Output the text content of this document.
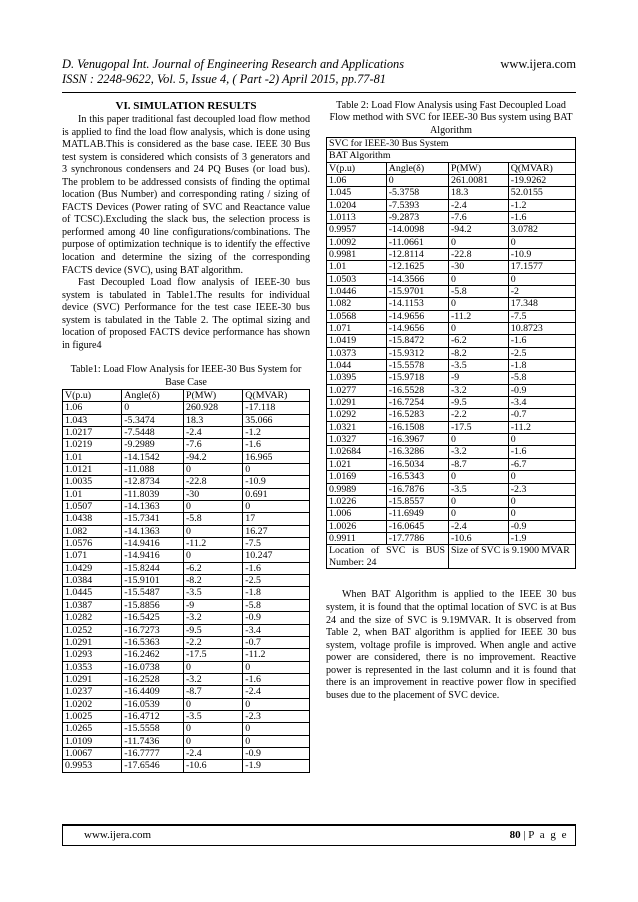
D. Venugopal Int. Journal of Engineering Research and Applications
ISSN : 2248-9622, Vol. 5, Issue 4, ( Part -2) April 2015, pp.77-81
www.ijera.com
VI. SIMULATION RESULTS

In this paper traditional fast decoupled load flow method is applied to find the load flow analysis, which is done using MATLAB.This is considered as the base case. IEEE 30 Bus test system is considered which consists of 3 generators and 3 synchronous condensers and 24 PQ Buses (or load bus). The problem to be addressed consists of finding the optimal location (Bus Number) and corresponding rating / sizing of FACTS Devices (Power rating of SVC and Reactance value of TCSC).Excluding the slack bus, the selection process is performed among 40 line configurations/combinations. The purpose of optimization technique is to identify the effective location and determine the sizing of the corresponding FACTS device (SVC), using BAT algorithm.

Fast Decoupled Load flow analysis of IEEE-30 bus system is tabulated in Table1.The results for individual device (SVC) Performance for the test case IEEE-30 bus system is tabulated in the Table 2. The optimal sizing and location of proposed FACTS device performance has shown in figure4

Table1: Load Flow Analysis for IEEE-30 Bus System for Base Case
V(p.u)	Angle(δ)	P(MW)	Q(MVAR)
1.06	0	260.928	-17.118
1.043	-5.3474	18.3	35.066
1.0217	-7.5448	-2.4	-1.2
1.0219	-9.2989	-7.6	-1.6
1.01	-14.1542	-94.2	16.965
1.0121	-11.088	0	0
1.0035	-12.8734	-22.8	-10.9
1.01	-11.8039	-30	0.691
1.0507	-14.1363	0	0
1.0438	-15.7341	-5.8	17
1.082	-14.1363	0	16.27
1.0576	-14.9416	-11.2	-7.5
1.071	-14.9416	0	10.247
1.0429	-15.8244	-6.2	-1.6
1.0384	-15.9101	-8.2	-2.5
1.0445	-15.5487	-3.5	-1.8
1.0387	-15.8856	-9	-5.8
1.0282	-16.5425	-3.2	-0.9
1.0252	-16.7273	-9.5	-3.4
1.0291	-16.5363	-2.2	-0.7
1.0293	-16.2462	-17.5	-11.2
1.0353	-16.0738	0	0
1.0291	-16.2528	-3.2	-1.6
1.0237	-16.4409	-8.7	-2.4
1.0202	-16.0539	0	0
1.0025	-16.4712	-3.5	-2.3
1.0265	-15.5558	0	0
1.0109	-11.7436	0	0
1.0067	-16.7777	-2.4	-0.9
0.9953	-17.6546	-10.6	-1.9
Table 2: Load Flow Analysis using Fast Decoupled Load Flow method with SVC for IEEE-30 Bus system using BAT Algorithm
SVC for IEEE-30 Bus System			
BAT Algorithm			
V(p.u)	Angle(δ)	P(MW)	Q(MVAR)
1.06	0	261.0081	-19.9262
1.045	-5.3758	18.3	52.0155
1.0204	-7.5393	-2.4	-1.2
1.0113	-9.2873	-7.6	-1.6
0.9957	-14.0098	-94.2	3.0782
1.0092	-11.0661	0	0
0.9981	-12.8114	-22.8	-10.9
1.01	-12.1625	-30	17.1577
1.0503	-14.3566	0	0
1.0446	-15.9701	-5.8	-2
1.082	-14.1153	0	17.348
1.0568	-14.9656	-11.2	-7.5
1.071	-14.9656	0	10.8723
1.0419	-15.8472	-6.2	-1.6
1.0373	-15.9312	-8.2	-2.5
1.044	-15.5578	-3.5	-1.8
1.0395	-15.9718	-9	-5.8
1.0277	-16.5528	-3.2	-0.9
1.0291	-16.7254	-9.5	-3.4
1.0292	-16.5283	-2.2	-0.7
1.0321	-16.1508	-17.5	-11.2
1.0327	-16.3967	0	0
1.02684	-16.3286	-3.2	-1.6
1.021	-16.5034	-8.7	-6.7
1.0169	-16.5343	0	0
0.9989	-16.7876	-3.5	-2.3
1.0226	-15.8557	0	0
1.006	-11.6949	0	0
1.0026	-16.0645	-2.4	-0.9
0.9911	-17.7786	-10.6	-1.9
Location of SVC is BUS Number: 24		Size of SVC is 9.1900 MVAR	

When BAT Algorithm is applied to the IEEE 30 bus system, it is found that the optimal location of SVC is at Bus 24 and the size of SVC is 9.19MVAR. It is observed from Table 2, when BAT algorithm is applied for IEEE 30 bus system, voltage profile is improved. When angle and active power are considered, there is no improvement. Reactive power is represented in the last column and it is found that there is an improvement in reactive power flow in specified buses due to the placement of SVC device.

www.ijera.com	80 | P a g e
